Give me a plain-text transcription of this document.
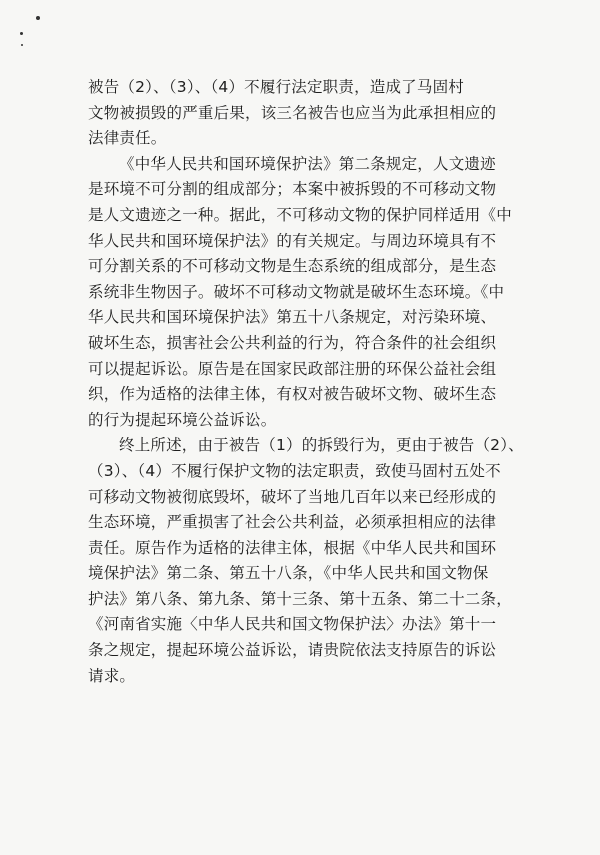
被告（2）、（3）、（4）不履行法定职责，造成了马固村
文物被损毁的严重后果，该三名被告也应当为此承担相应的
法律责任。
《中华人民共和国环境保护法》第二条规定，人文遗迹
是环境不可分割的组成部分；本案中被拆毁的不可移动文物
是人文遗迹之一种。据此，不可移动文物的保护同样适用《中
华人民共和国环境保护法》的有关规定。与周边环境具有不
可分割关系的不可移动文物是生态系统的组成部分，是生态
系统非生物因子。破坏不可移动文物就是破坏生态环境。《中
华人民共和国环境保护法》第五十八条规定，对污染环境、
破坏生态，损害社会公共利益的行为，符合条件的社会组织
可以提起诉讼。原告是在国家民政部注册的环保公益社会组
织，作为适格的法律主体，有权对被告破坏文物、破坏生态
的行为提起环境公益诉讼。
终上所述，由于被告（1）的拆毁行为，更由于被告（2）、
（3）、（4）不履行保护文物的法定职责，致使马固村五处不
可移动文物被彻底毁坏，破坏了当地几百年以来已经形成的
生态环境，严重损害了社会公共利益，必须承担相应的法律
责任。原告作为适格的法律主体，根据《中华人民共和国环
境保护法》第二条、第五十八条，《中华人民共和国文物保
护法》第八条、第九条、第十三条、第十五条、第二十二条，
《河南省实施〈中华人民共和国文物保护法〉办法》第十一
条之规定，提起环境公益诉讼，请贵院依法支持原告的诉讼
请求。
